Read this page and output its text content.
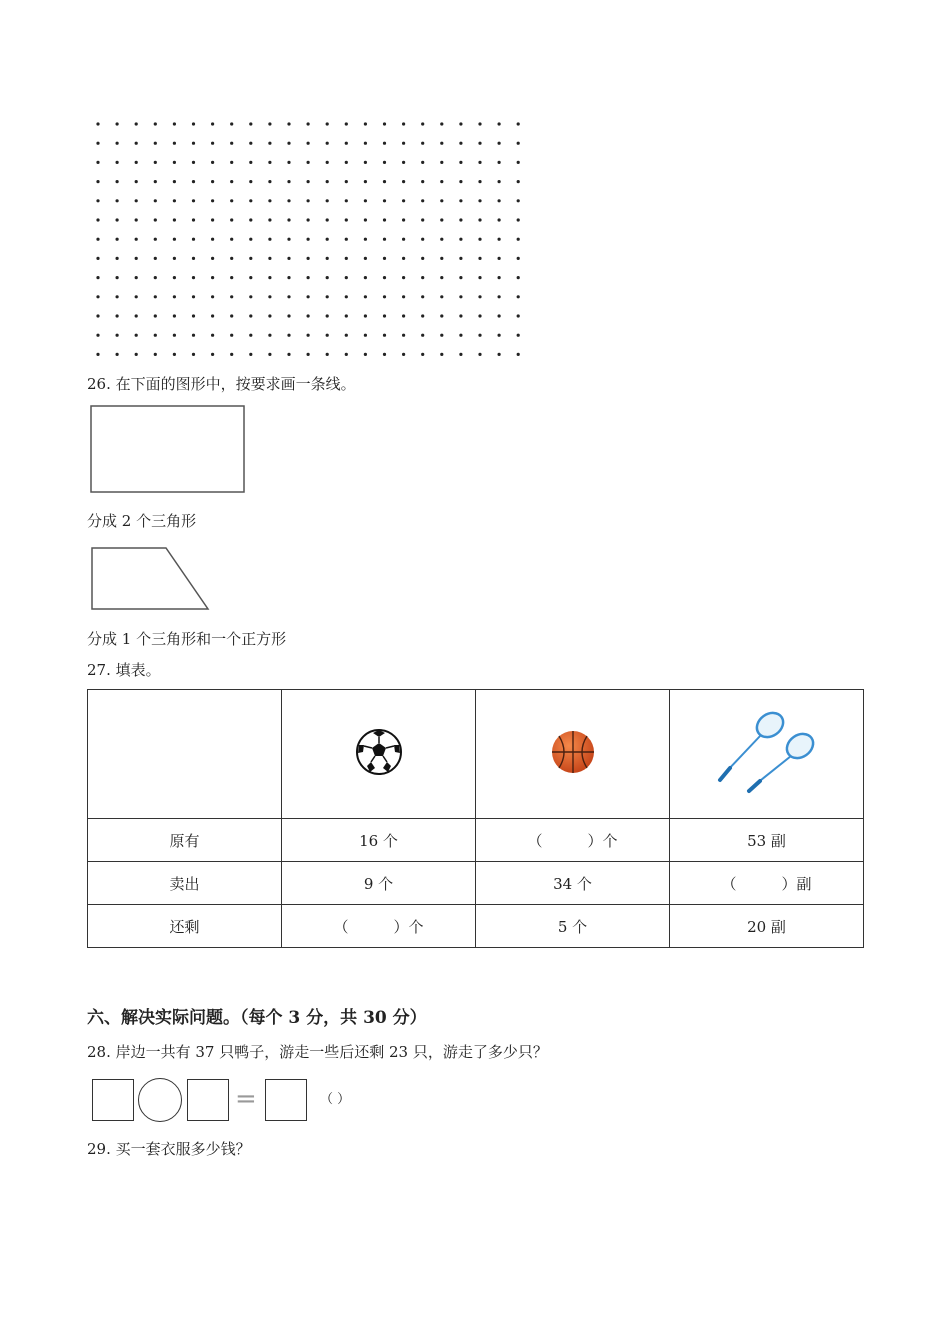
26. 在下面的图形中，按要求画一条线。
分成 2 个三角形
分成 1 个三角形和一个正方形
27. 填表。

原有	16 个	（　　　）个	53 副
卖出	9 个	34 个	（　　　）副
还剩	（　　　）个	5 个	20 副
六、解决实际问题。（每个 3 分，共 30 分）
28. 岸边一共有 37 只鸭子，游走一些后还剩 23 只，游走了多少只？
=	（ ）
29. 买一套衣服多少钱？
